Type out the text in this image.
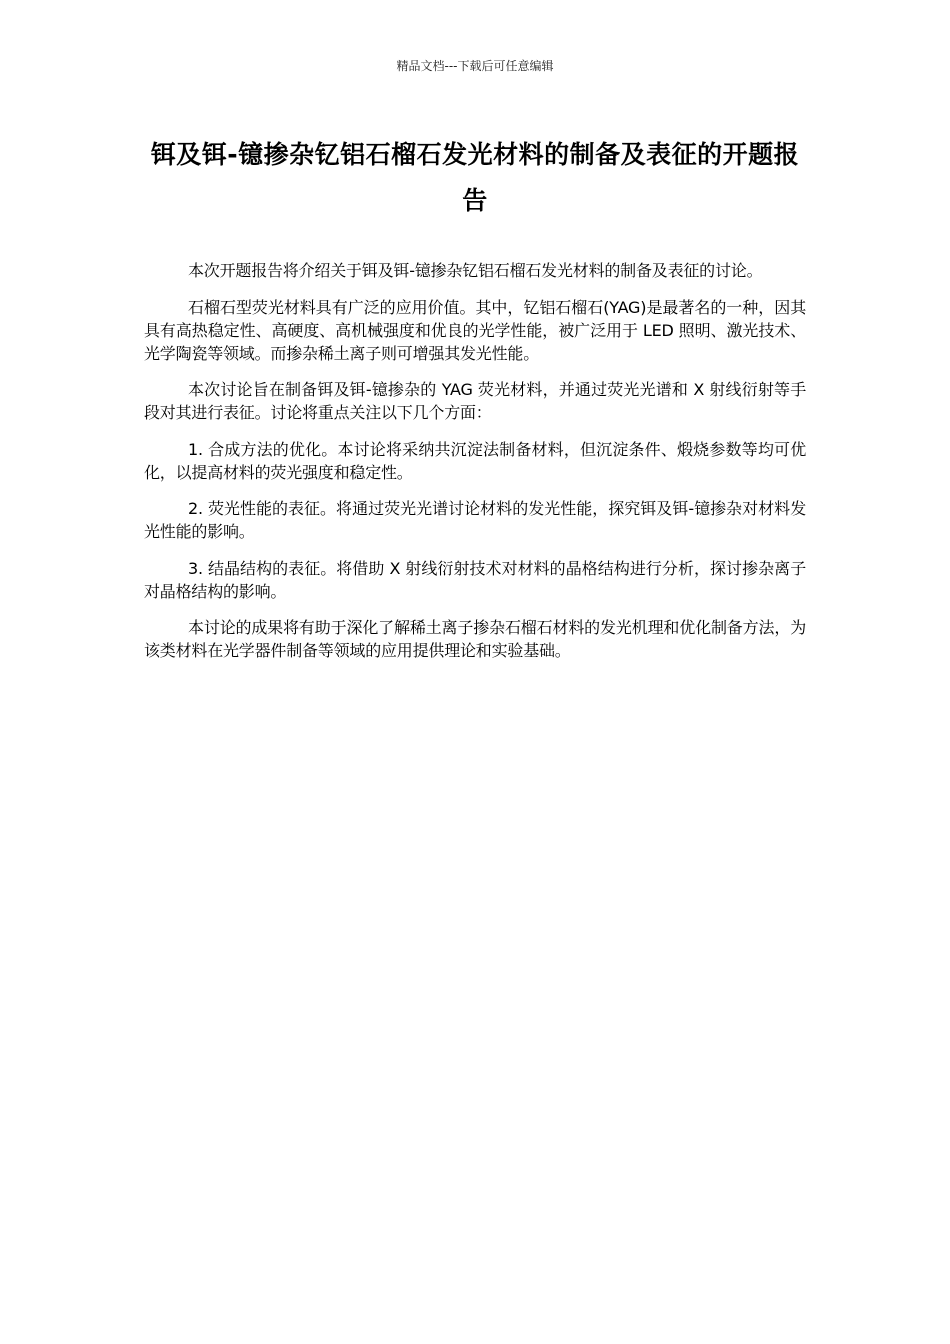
精品文档---下载后可任意编辑
铒及铒-镱掺杂钇铝石榴石发光材料的制备及表征的开题报告

本次开题报告将介绍关于铒及铒-镱掺杂钇铝石榴石发光材料的制备及表征的讨论。

石榴石型荧光材料具有广泛的应用价值。其中，钇铝石榴石(YAG)是最著名的一种，因其具有高热稳定性、高硬度、高机械强度和优良的光学性能，被广泛用于 LED 照明、激光技术、光学陶瓷等领域。而掺杂稀土离子则可增强其发光性能。

本次讨论旨在制备铒及铒-镱掺杂的 YAG 荧光材料，并通过荧光光谱和 X 射线衍射等手段对其进行表征。讨论将重点关注以下几个方面：

1. 合成方法的优化。本讨论将采纳共沉淀法制备材料，但沉淀条件、煅烧参数等均可优化，以提高材料的荧光强度和稳定性。

2. 荧光性能的表征。将通过荧光光谱讨论材料的发光性能，探究铒及铒-镱掺杂对材料发光性能的影响。

3. 结晶结构的表征。将借助 X 射线衍射技术对材料的晶格结构进行分析，探讨掺杂离子对晶格结构的影响。

本讨论的成果将有助于深化了解稀土离子掺杂石榴石材料的发光机理和优化制备方法，为该类材料在光学器件制备等领域的应用提供理论和实验基础。
